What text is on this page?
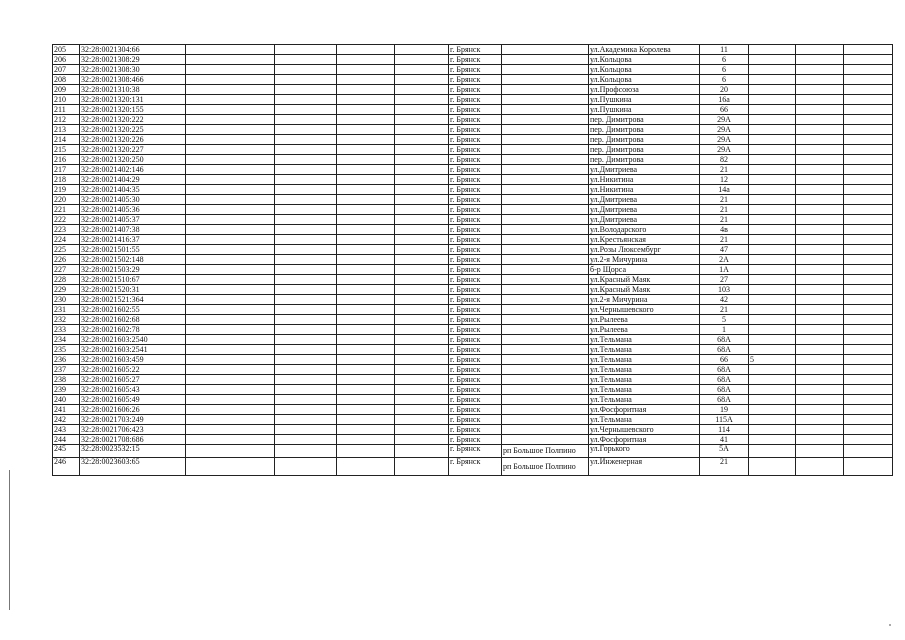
205	32:28:0021304:66					г. Брянск		ул.Академика Королева	11			
206	32:28:0021308:29					г. Брянск		ул.Кольцова	6			
207	32:28:0021308:30					г. Брянск		ул.Кольцова	6			
208	32:28:0021308:466					г. Брянск		ул.Кольцова	6			
209	32:28:0021310:38					г. Брянск		ул.Профсоюза	20			
210	32:28:0021320:131					г. Брянск		ул.Пушкина	16а			
211	32:28:0021320:155					г. Брянск		ул.Пушкина	66			
212	32:28:0021320:222					г. Брянск		пер. Димитрова	29А			
213	32:28:0021320:225					г. Брянск		пер. Димитрова	29А			
214	32:28:0021320:226					г. Брянск		пер. Димитрова	29А			
215	32:28:0021320:227					г. Брянск		пер. Димитрова	29А			
216	32:28:0021320:250					г. Брянск		пер. Димитрова	82			
217	32:28:0021402:146					г. Брянск		ул.Дмитриева	21			
218	32:28:0021404:29					г. Брянск		ул.Никитина	12			
219	32:28:0021404:35					г. Брянск		ул.Никитина	14а			
220	32:28:0021405:30					г. Брянск		ул.Дмитриева	21			
221	32:28:0021405:36					г. Брянск		ул.Дмитриева	21			
222	32:28:0021405:37					г. Брянск		ул.Дмитриева	21			
223	32:28:0021407:38					г. Брянск		ул.Володарского	4в			
224	32:28:0021416:37					г. Брянск		ул.Крестьянская	21			
225	32:28:0021501:55					г. Брянск		ул.Розы Люксембург	47			
226	32:28:0021502:148					г. Брянск		ул.2-я Мичурина	2А			
227	32:28:0021503:29					г. Брянск		б-р Щорса	1А			
228	32:28:0021510:67					г. Брянск		ул.Красный Маяк	27			
229	32:28:0021520:31					г. Брянск		ул.Красный Маяк	103			
230	32:28:0021521:364					г. Брянск		ул.2-я Мичурина	42			
231	32:28:0021602:55					г. Брянск		ул.Чернышевского	21			
232	32:28:0021602:68					г. Брянск		ул.Рылеева	5			
233	32:28:0021602:78					г. Брянск		ул.Рылеева	1			
234	32:28:0021603:2540					г. Брянск		ул.Тельмана	68А			
235	32:28:0021603:2541					г. Брянск		ул.Тельмана	68А			
236	32:28:0021603:459					г. Брянск		ул.Тельмана	66	5		
237	32:28:0021605:22					г. Брянск		ул.Тельмана	68А			
238	32:28:0021605:27					г. Брянск		ул.Тельмана	68А			
239	32:28:0021605:43					г. Брянск		ул.Тельмана	68А			
240	32:28:0021605:49					г. Брянск		ул.Тельмана	68А			
241	32:28:0021606:26					г. Брянск		ул.Фосфоритная	19			
242	32:28:0021703:249					г. Брянск		ул.Тельмана	115А			
243	32:28:0021706:423					г. Брянск		ул.Чернышевского	114			
244	32:28:0021708:686					г. Брянск		ул.Фосфоритная	41			
245	32:28:0023532:15					г. Брянск	рп Большое Полпино	ул.Горького	5А			
246	32:28:0023603:65					г. Брянск	рп Большое Полпино	ул.Инженерная	21			
